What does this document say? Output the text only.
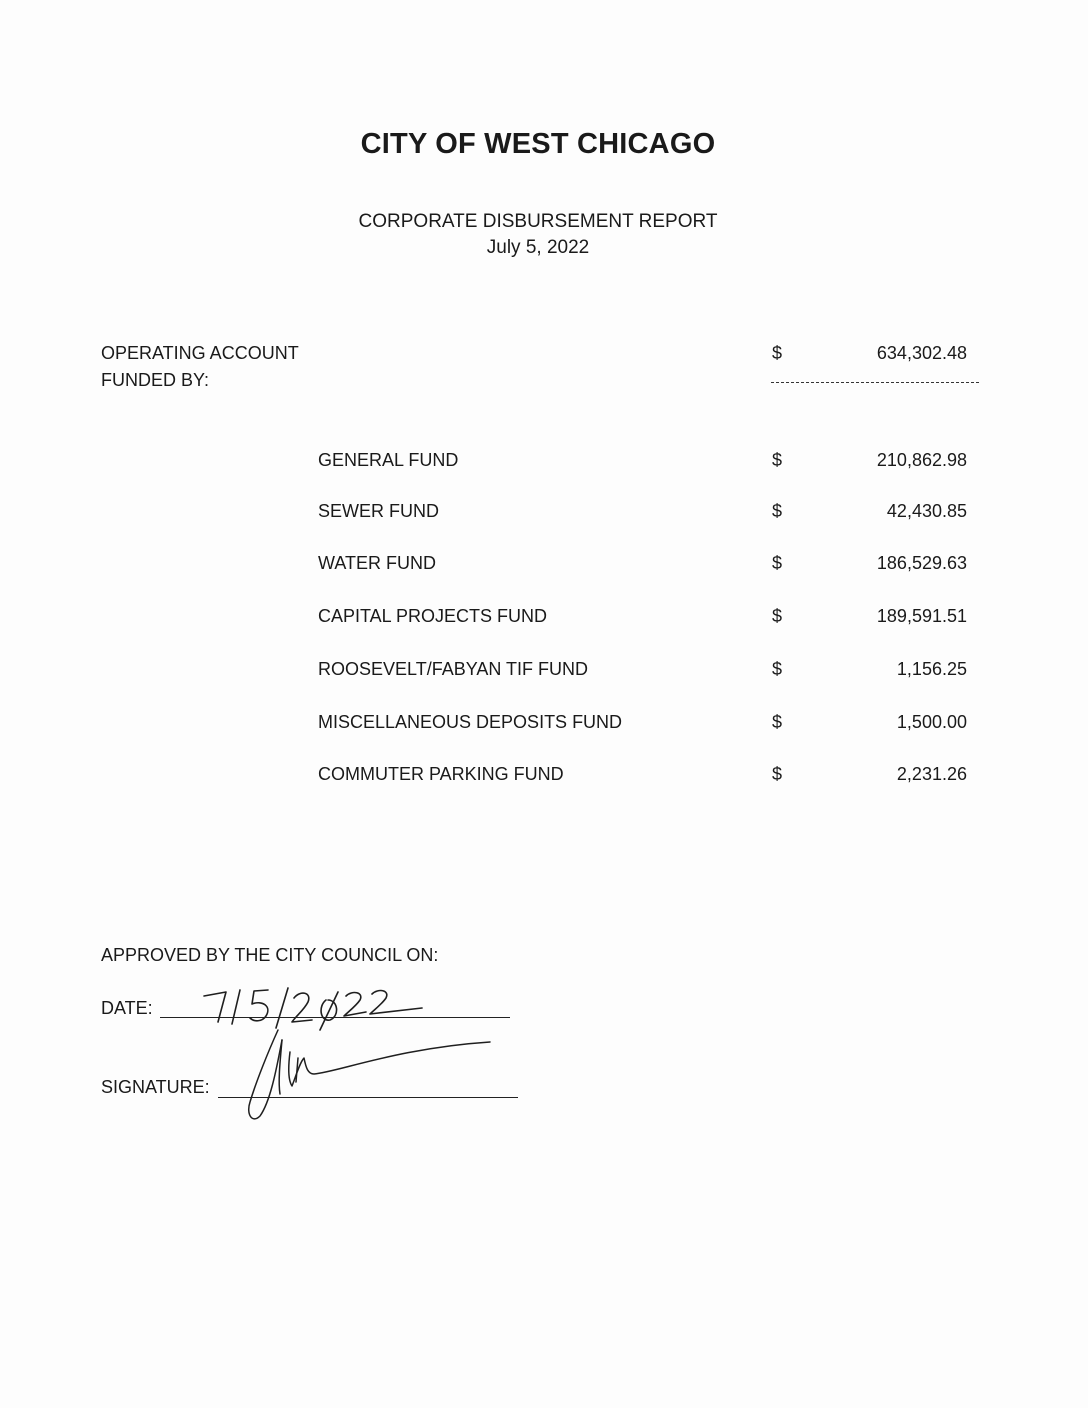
CITY OF WEST CHICAGO
CORPORATE DISBURSEMENT REPORT
July 5, 2022
OPERATING ACCOUNT
FUNDED BY:
$	634,302.48
GENERAL FUND	$	210,862.98
SEWER FUND	$	42,430.85
WATER FUND	$	186,529.63
CAPITAL PROJECTS FUND	$	189,591.51
ROOSEVELT/FABYAN TIF FUND	$	1,156.25
MISCELLANEOUS DEPOSITS FUND	$	1,500.00
COMMUTER PARKING FUND	$	2,231.26
APPROVED BY THE CITY COUNCIL ON:
DATE:
SIGNATURE:
